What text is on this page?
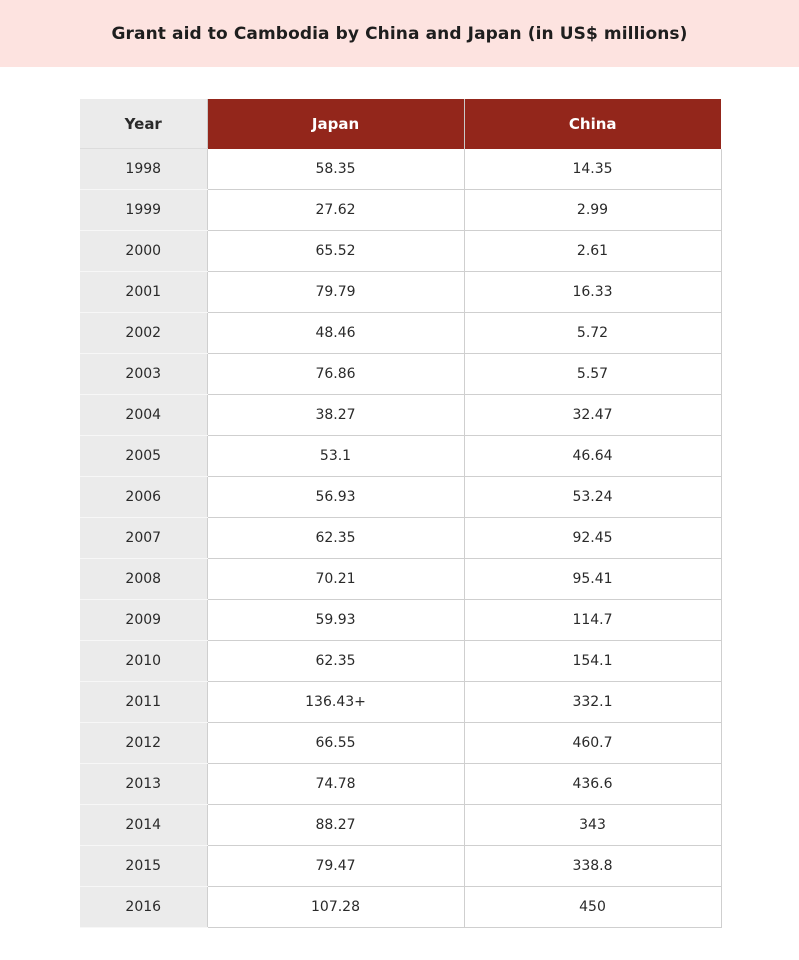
Grant aid to Cambodia by China and Japan (in US$ millions)
Year	Japan	China
1998	58.35	14.35
1999	27.62	2.99
2000	65.52	2.61
2001	79.79	16.33
2002	48.46	5.72
2003	76.86	5.57
2004	38.27	32.47
2005	53.1	46.64
2006	56.93	53.24
2007	62.35	92.45
2008	70.21	95.41
2009	59.93	114.7
2010	62.35	154.1
2011	136.43+	332.1
2012	66.55	460.7
2013	74.78	436.6
2014	88.27	343
2015	79.47	338.8
2016	107.28	450
